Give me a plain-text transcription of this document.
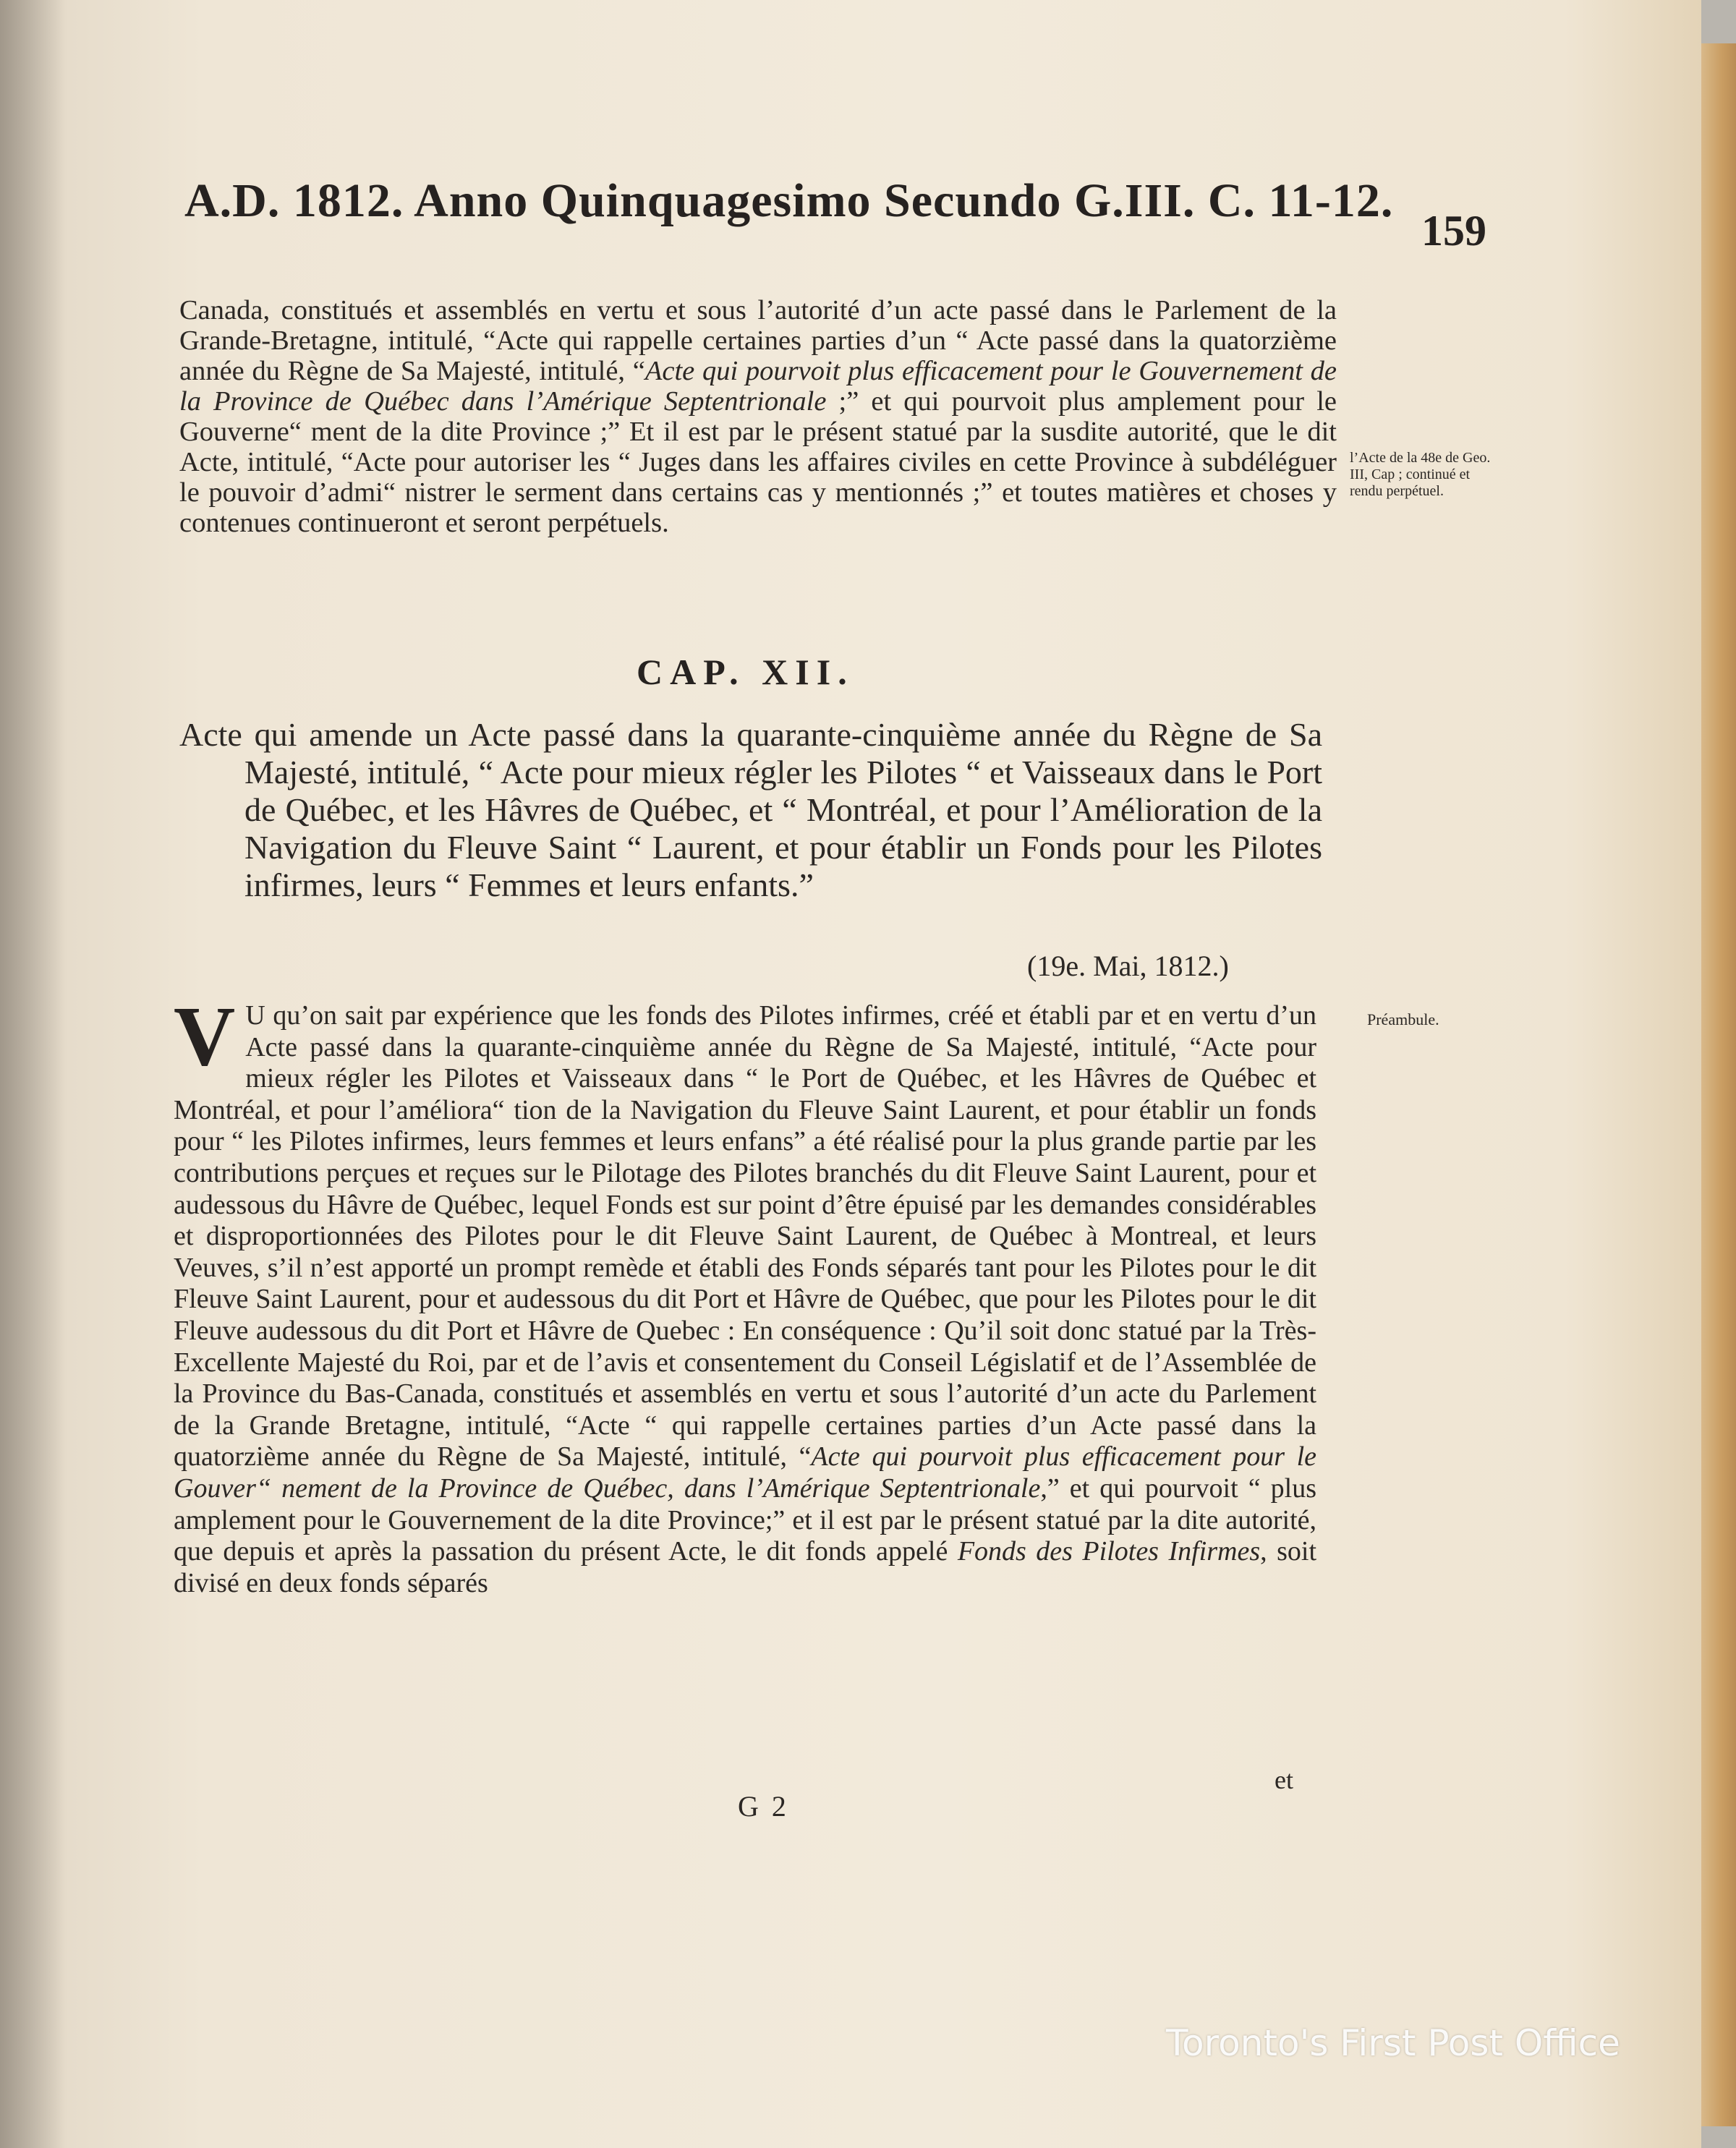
A.D. 1812. Anno Quinquagesimo Secundo G.III. C. 11-12.
159
Canada, constitués et assemblés en vertu et sous l’autorité d’un acte passé dans le Parlement de la Grande-Bretagne, intitulé, “Acte qui rappelle certaines parties d’un “ Acte passé dans la quatorzième année du Règne de Sa Majesté, intitulé, “Acte qui pourvoit plus efficacement pour le Gouvernement de la Province de Québec dans l’Amérique Septentrionale ;” et qui pourvoit plus amplement pour le Gouverne“ ment de la dite Province ;” Et il est par le présent statué par la susdite autorité, que le dit Acte, intitulé, “Acte pour autoriser les “ Juges dans les affaires civiles en cette Province à subdéléguer le pouvoir d’admi“ nistrer le serment dans certains cas y mentionnés ;” et toutes matières et choses y contenues continueront et seront perpétuels.
l’Acte de la 48e de Geo. III, Cap ; continué et rendu perpétuel.
CAP. XII.
Acte qui amende un Acte passé dans la quarante-cinquième année du Règne de Sa Majesté, intitulé, “ Acte pour mieux régler les Pilotes “ et Vaisseaux dans le Port de Québec, et les Hâvres de Québec, et “ Montréal, et pour l’Amélioration de la Navigation du Fleuve Saint “ Laurent, et pour établir un Fonds pour les Pilotes infirmes, leurs “ Femmes et leurs enfants.”
(19e. Mai, 1812.)
Préambule.
V U qu’on sait par expérience que les fonds des Pilotes infirmes, créé et établi par et en vertu d’un Acte passé dans la quarante-cinquième année du Règne de Sa Majesté, intitulé, “Acte pour mieux régler les Pilotes et Vaisseaux dans “ le Port de Québec, et les Hâvres de Québec et Montréal, et pour l’améliora“ tion de la Navigation du Fleuve Saint Laurent, et pour établir un fonds pour “ les Pilotes infirmes, leurs femmes et leurs enfans” a été réalisé pour la plus grande partie par les contributions perçues et reçues sur le Pilotage des Pilotes branchés du dit Fleuve Saint Laurent, pour et audessous du Hâvre de Québec, lequel Fonds est sur point d’être épuisé par les demandes considérables et disproportionnées des Pilotes pour le dit Fleuve Saint Laurent, de Québec à Montreal, et leurs Veuves, s’il n’est apporté un prompt remède et établi des Fonds séparés tant pour les Pilotes pour le dit Fleuve Saint Laurent, pour et audessous du dit Port et Hâvre de Québec, que pour les Pilotes pour le dit Fleuve audessous du dit Port et Hâvre de Quebec : En conséquence : Qu’il soit donc statué par la Très-Excellente Majesté du Roi, par et de l’avis et consentement du Conseil Législatif et de l’Assemblée de la Province du Bas-Canada, constitués et assemblés en vertu et sous l’autorité d’un acte du Parlement de la Grande Bretagne, intitulé, “Acte “ qui rappelle certaines parties d’un Acte passé dans la quatorzième année du Règne de Sa Majesté, intitulé, “Acte qui pourvoit plus efficacement pour le Gouver“ nement de la Province de Québec, dans l’Amérique Septentrionale,” et qui pourvoit “ plus amplement pour le Gouvernement de la dite Province;” et il est par le présent statué par la dite autorité, que depuis et après la passation du présent Acte, le dit fonds appelé Fonds des Pilotes Infirmes, soit divisé en deux fonds séparés
et
G 2
Toronto's First Post Office
